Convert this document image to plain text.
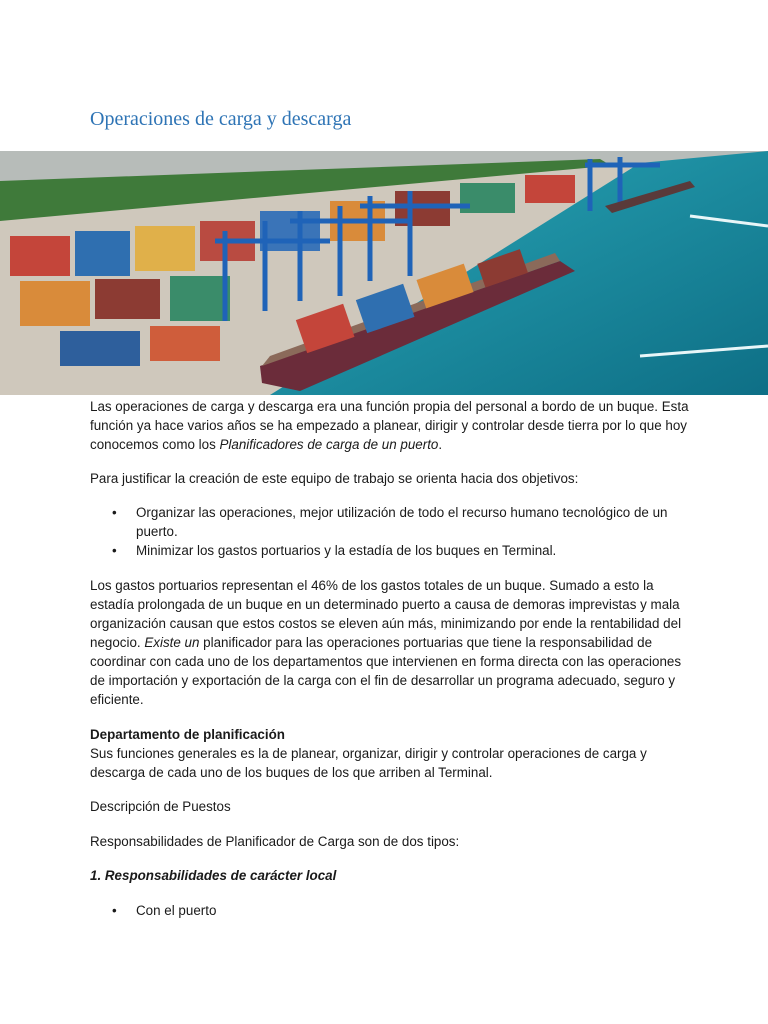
Operaciones de carga y descarga

Las operaciones de carga y descarga era una función propia del personal a bordo de un buque. Esta función ya hace varios años se ha empezado a planear, dirigir y controlar desde tierra por lo que hoy conocemos como los Planificadores de carga de un puerto.

Para justificar la creación de este equipo de trabajo se orienta hacia dos objetivos:

• Organizar las operaciones, mejor utilización de todo el recurso humano tecnológico de un puerto.
• Minimizar los gastos portuarios y la estadía de los buques en Terminal.

Los gastos portuarios representan el 46% de los gastos totales de un buque. Sumado a esto la estadía prolongada de un buque en un determinado puerto a causa de demoras imprevistas y mala organización causan que estos costos se eleven aún más, minimizando por ende la rentabilidad del negocio. Existe un planificador para las operaciones portuarias que tiene la responsabilidad de coordinar con cada uno de los departamentos que intervienen en forma directa con las operaciones de importación y exportación de la carga con el fin de desarrollar un programa adecuado, seguro y eficiente.

Departamento de planificación

Sus funciones generales es la de planear, organizar, dirigir y controlar operaciones de carga y descarga de cada uno de los buques de los que arriben al Terminal.

Descripción de Puestos

Responsabilidades de Planificador de Carga son de dos tipos:

1. Responsabilidades de carácter local

• Con el puerto
